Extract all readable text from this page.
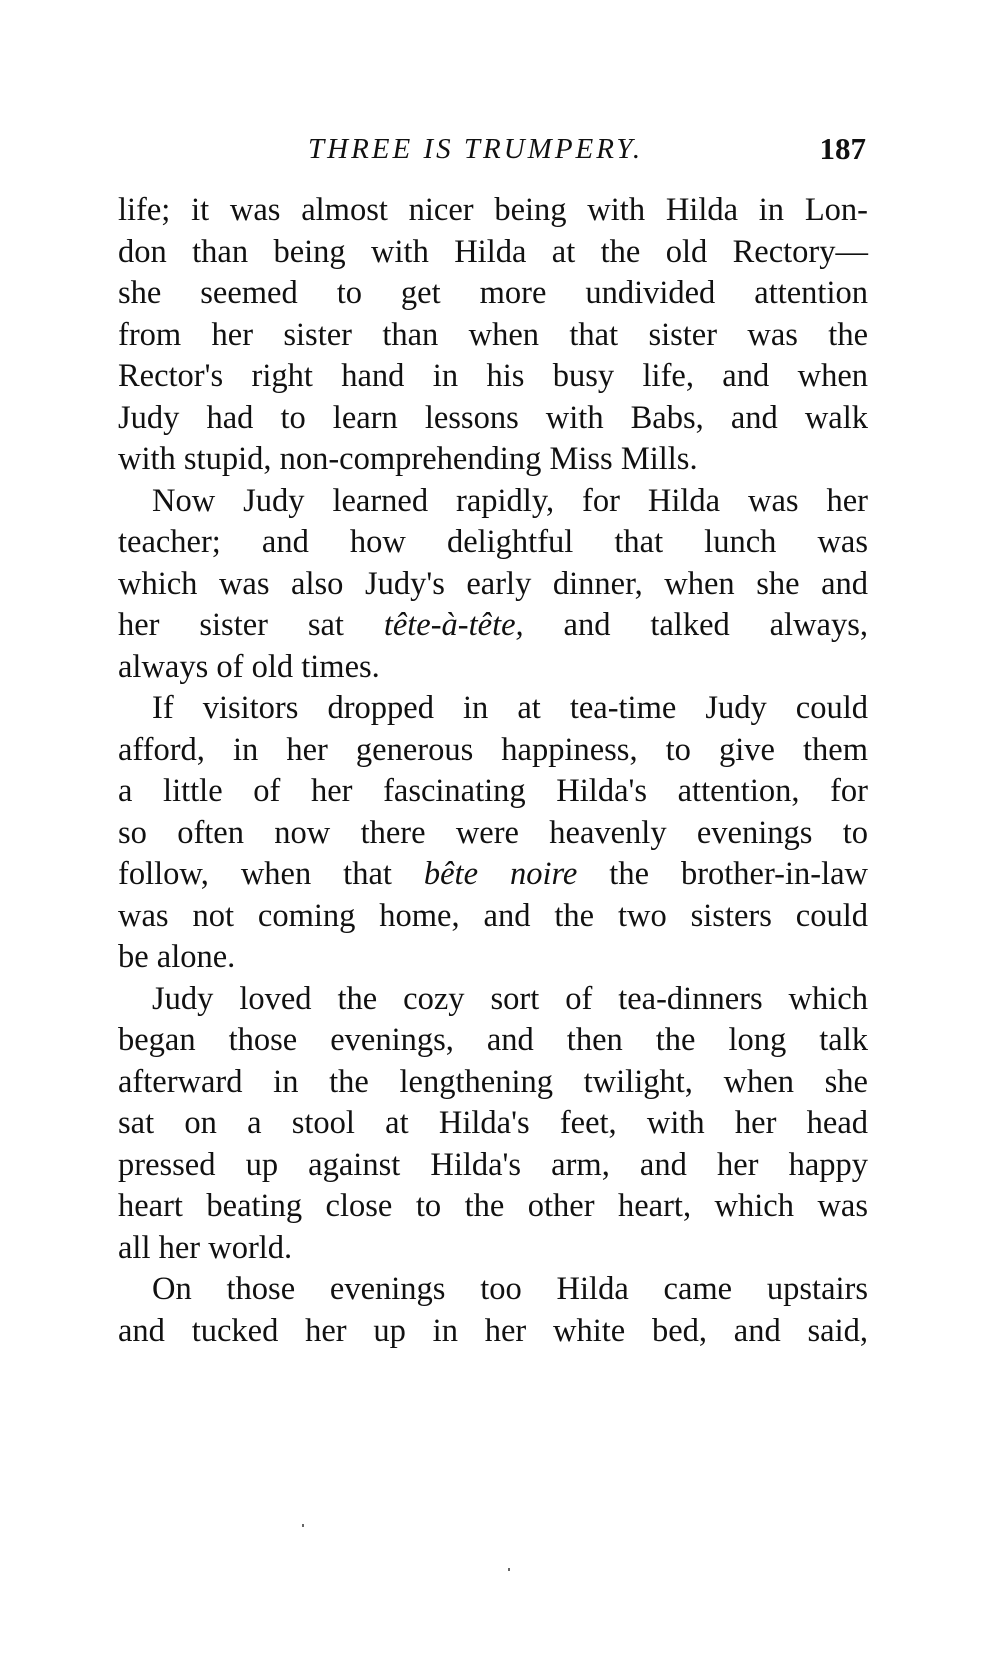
THREE IS TRUMPERY.	187

life; it was almost nicer being with Hilda in Lon-
don than being with Hilda at the old Rectory—
she seemed to get more undivided attention
from her sister than when that sister was the
Rector's right hand in his busy life, and when
Judy had to learn lessons with Babs, and walk
with stupid, non-comprehending Miss Mills.

Now Judy learned rapidly, for Hilda was her
teacher; and how delightful that lunch was
which was also Judy's early dinner, when she and
her sister sat tête-à-tête, and talked always,
always of old times.

If visitors dropped in at tea-time Judy could
afford, in her generous happiness, to give them
a little of her fascinating Hilda's attention, for
so often now there were heavenly evenings to
follow, when that bête noire the brother-in-law
was not coming home, and the two sisters could
be alone.

Judy loved the cozy sort of tea-dinners which
began those evenings, and then the long talk
afterward in the lengthening twilight, when she
sat on a stool at Hilda's feet, with her head
pressed up against Hilda's arm, and her happy
heart beating close to the other heart, which was
all her world.

On those evenings too Hilda came upstairs
and tucked her up in her white bed, and said,
